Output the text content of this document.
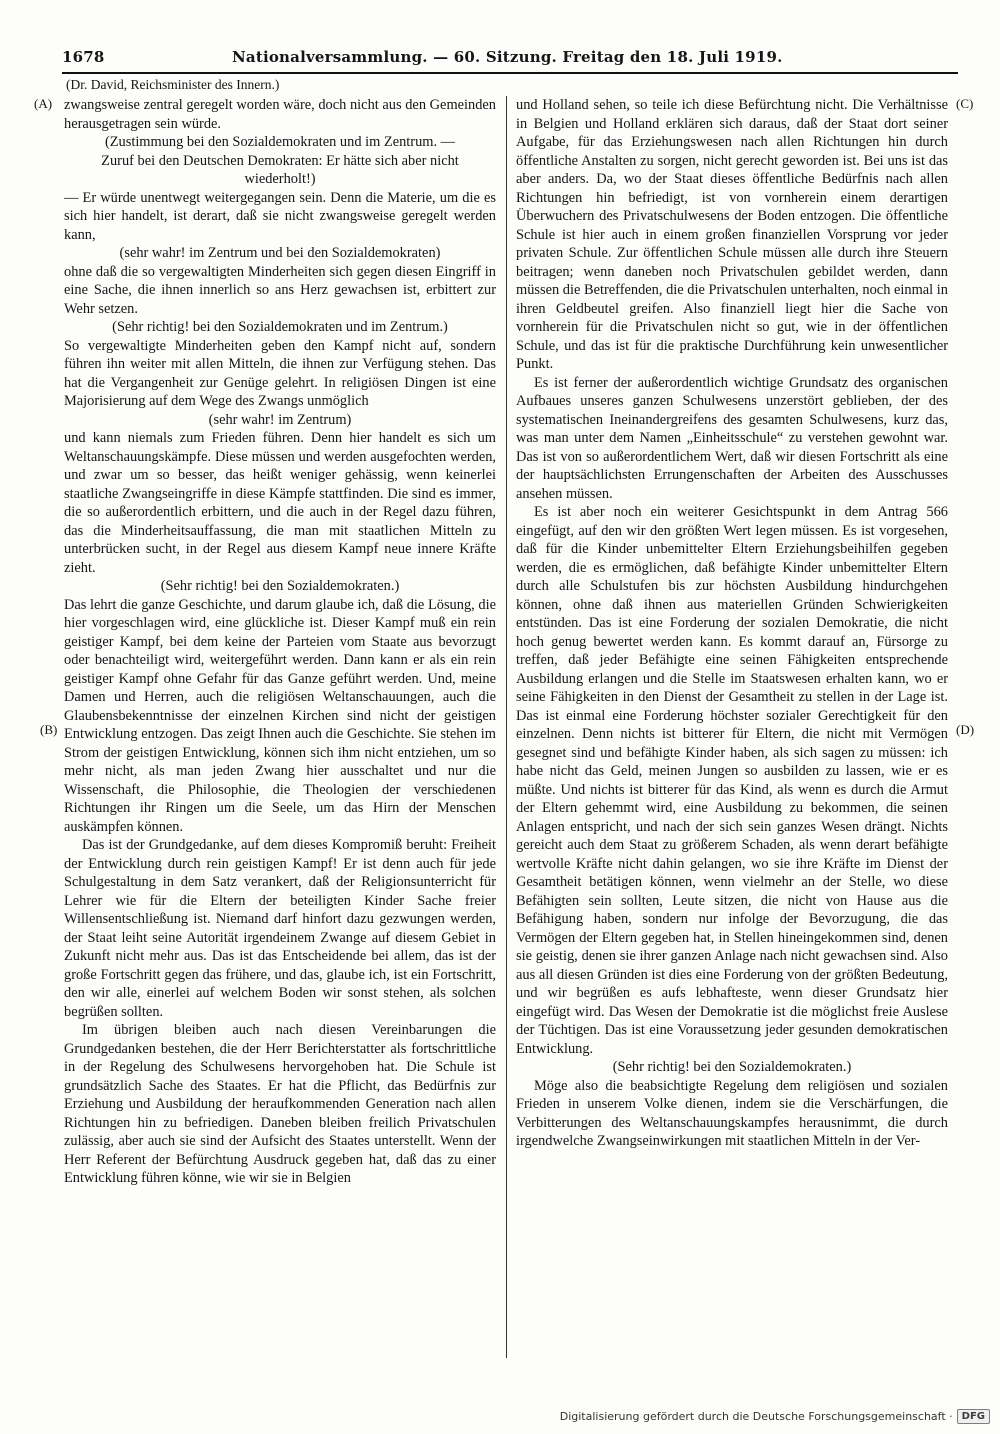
1678	Nationalversammlung. — 60. Sitzung. Freitag den 18. Juli 1919.
(Dr. David, Reichsminister des Innern.)
(A)
(B)
(C)
(D)

zwangsweise zentral geregelt worden wäre, doch nicht aus den Gemeinden herausgetragen sein würde.

(Zustimmung bei den Sozialdemokraten und im Zentrum. — Zuruf bei den Deutschen Demokraten: Er hätte sich aber nicht wiederholt!)

— Er würde unentwegt weitergegangen sein. Denn die Materie, um die es sich hier handelt, ist derart, daß sie nicht zwangsweise geregelt werden kann,

(sehr wahr! im Zentrum und bei den Sozialdemokraten)

ohne daß die so vergewaltigten Minderheiten sich gegen diesen Eingriff in eine Sache, die ihnen innerlich so ans Herz gewachsen ist, erbittert zur Wehr setzen.

(Sehr richtig! bei den Sozialdemokraten und im Zentrum.)

So vergewaltigte Minderheiten geben den Kampf nicht auf, sondern führen ihn weiter mit allen Mitteln, die ihnen zur Verfügung stehen. Das hat die Vergangenheit zur Genüge gelehrt. In religiösen Dingen ist eine Majorisierung auf dem Wege des Zwangs unmöglich

(sehr wahr! im Zentrum)

und kann niemals zum Frieden führen. Denn hier handelt es sich um Weltanschauungskämpfe. Diese müssen und werden ausgefochten werden, und zwar um so besser, das heißt weniger gehässig, wenn keinerlei staatliche Zwangseingriffe in diese Kämpfe stattfinden. Die sind es immer, die so außerordentlich erbittern, und die auch in der Regel dazu führen, das die Minderheitsauffassung, die man mit staatlichen Mitteln zu unterbrücken sucht, in der Regel aus diesem Kampf neue innere Kräfte zieht.

(Sehr richtig! bei den Sozialdemokraten.)

Das lehrt die ganze Geschichte, und darum glaube ich, daß die Lösung, die hier vorgeschlagen wird, eine glückliche ist. Dieser Kampf muß ein rein geistiger Kampf, bei dem keine der Parteien vom Staate aus bevorzugt oder benachteiligt wird, weitergeführt werden. Dann kann er als ein rein geistiger Kampf ohne Gefahr für das Ganze geführt werden. Und, meine Damen und Herren, auch die religiösen Weltanschauungen, auch die Glaubensbekenntnisse der einzelnen Kirchen sind nicht der geistigen Entwicklung entzogen. Das zeigt Ihnen auch die Geschichte. Sie stehen im Strom der geistigen Entwicklung, können sich ihm nicht entziehen, um so mehr nicht, als man jeden Zwang hier ausschaltet und nur die Wissenschaft, die Philosophie, die Theologien der verschiedenen Richtungen ihr Ringen um die Seele, um das Hirn der Menschen auskämpfen können.

Das ist der Grundgedanke, auf dem dieses Kompromiß beruht: Freiheit der Entwicklung durch rein geistigen Kampf! Er ist denn auch für jede Schulgestaltung in dem Satz verankert, daß der Religionsunterricht für Lehrer wie für die Eltern der beteiligten Kinder Sache freier Willensentschließung ist. Niemand darf hinfort dazu gezwungen werden, der Staat leiht seine Autorität irgendeinem Zwange auf diesem Gebiet in Zukunft nicht mehr aus. Das ist das Entscheidende bei allem, das ist der große Fortschritt gegen das frühere, und das, glaube ich, ist ein Fortschritt, den wir alle, einerlei auf welchem Boden wir sonst stehen, als solchen begrüßen sollten.

Im übrigen bleiben auch nach diesen Vereinbarungen die Grundgedanken bestehen, die der Herr Berichterstatter als fortschrittliche in der Regelung des Schulwesens hervorgehoben hat. Die Schule ist grundsätzlich Sache des Staates. Er hat die Pflicht, das Bedürfnis zur Erziehung und Ausbildung der heraufkommenden Generation nach allen Richtungen hin zu befriedigen. Daneben bleiben freilich Privatschulen zulässig, aber auch sie sind der Aufsicht des Staates unterstellt. Wenn der Herr Referent der Befürchtung Ausdruck gegeben hat, daß das zu einer Entwicklung führen könne, wie wir sie in Belgien

und Holland sehen, so teile ich diese Befürchtung nicht. Die Verhältnisse in Belgien und Holland erklären sich daraus, daß der Staat dort seiner Aufgabe, für das Erziehungswesen nach allen Richtungen hin durch öffentliche Anstalten zu sorgen, nicht gerecht geworden ist. Bei uns ist das aber anders. Da, wo der Staat dieses öffentliche Bedürfnis nach allen Richtungen hin befriedigt, ist von vornherein einem derartigen Überwuchern des Privatschulwesens der Boden entzogen. Die öffentliche Schule ist hier auch in einem großen finanziellen Vorsprung vor jeder privaten Schule. Zur öffentlichen Schule müssen alle durch ihre Steuern beitragen; wenn daneben noch Privatschulen gebildet werden, dann müssen die Betreffenden, die die Privatschulen unterhalten, noch einmal in ihren Geldbeutel greifen. Also finanziell liegt hier die Sache von vornherein für die Privatschulen nicht so gut, wie in der öffentlichen Schule, und das ist für die praktische Durchführung kein unwesentlicher Punkt.

Es ist ferner der außerordentlich wichtige Grundsatz des organischen Aufbaues unseres ganzen Schulwesens unzerstört geblieben, der des systematischen Ineinandergreifens des gesamten Schulwesens, kurz das, was man unter dem Namen „Einheitsschule“ zu verstehen gewohnt war. Das ist von so außerordentlichem Wert, daß wir diesen Fortschritt als eine der hauptsächlichsten Errungenschaften der Arbeiten des Ausschusses ansehen müssen.

Es ist aber noch ein weiterer Gesichtspunkt in dem Antrag 566 eingefügt, auf den wir den größten Wert legen müssen. Es ist vorgesehen, daß für die Kinder unbemittelter Eltern Erziehungsbeihilfen gegeben werden, die es ermöglichen, daß befähigte Kinder unbemittelter Eltern durch alle Schulstufen bis zur höchsten Ausbildung hindurchgehen können, ohne daß ihnen aus materiellen Gründen Schwierigkeiten entstünden. Das ist eine Forderung der sozialen Demokratie, die nicht hoch genug bewertet werden kann. Es kommt darauf an, Fürsorge zu treffen, daß jeder Befähigte eine seinen Fähigkeiten entsprechende Ausbildung erlangen und die Stelle im Staatswesen erhalten kann, wo er seine Fähigkeiten in den Dienst der Gesamtheit zu stellen in der Lage ist. Das ist einmal eine Forderung höchster sozialer Gerechtigkeit für den einzelnen. Denn nichts ist bitterer für Eltern, die nicht mit Vermögen gesegnet sind und befähigte Kinder haben, als sich sagen zu müssen: ich habe nicht das Geld, meinen Jungen so ausbilden zu lassen, wie er es müßte. Und nichts ist bitterer für das Kind, als wenn es durch die Armut der Eltern gehemmt wird, eine Ausbildung zu bekommen, die seinen Anlagen entspricht, und nach der sich sein ganzes Wesen drängt. Nichts gereicht auch dem Staat zu größerem Schaden, als wenn derart befähigte wertvolle Kräfte nicht dahin gelangen, wo sie ihre Kräfte im Dienst der Gesamtheit betätigen können, wenn vielmehr an der Stelle, wo diese Befähigten sein sollten, Leute sitzen, die nicht von Hause aus die Befähigung haben, sondern nur infolge der Bevorzugung, die das Vermögen der Eltern gegeben hat, in Stellen hineingekommen sind, denen sie geistig, denen sie ihrer ganzen Anlage nach nicht gewachsen sind. Also aus all diesen Gründen ist dies eine Forderung von der größten Bedeutung, und wir begrüßen es aufs lebhafteste, wenn dieser Grundsatz hier eingefügt wird. Das Wesen der Demokratie ist die möglichst freie Auslese der Tüchtigen. Das ist eine Voraussetzung jeder gesunden demokratischen Entwicklung.

(Sehr richtig! bei den Sozialdemokraten.)

Möge also die beabsichtigte Regelung dem religiösen und sozialen Frieden in unserem Volke dienen, indem sie die Verschärfungen, die Verbitterungen des Weltanschauungskampfes herausnimmt, die durch irgendwelche Zwangseinwirkungen mit staatlichen Mitteln in der Ver-

Digitalisierung gefördert durch die Deutsche Forschungsgemeinschaft · DFG
